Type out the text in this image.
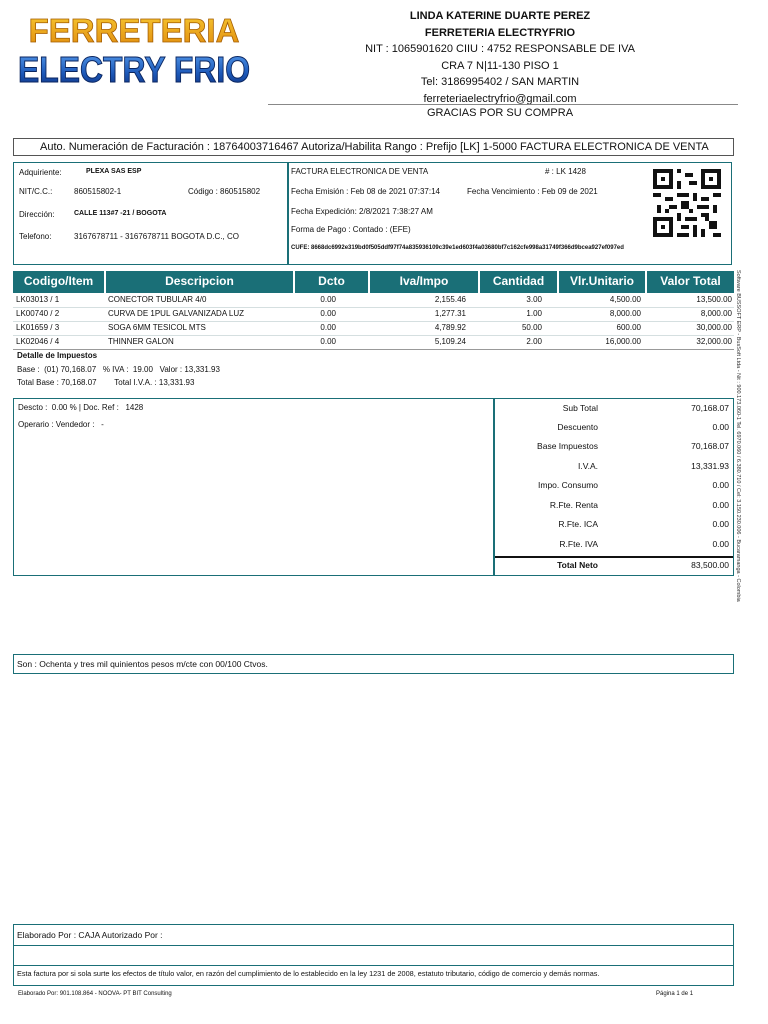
FERRETERIA
ELECTRY FRIO
LINDA KATERINE DUARTE PEREZ
FERRETERIA ELECTRYFRIO
NIT : 1065901620 CIIU : 4752 RESPONSABLE DE IVA
CRA 7 N|11-130 PISO 1
Tel: 3186995402 / SAN MARTIN
ferreteriaelectryfrio@gmail.com
GRACIAS POR SU COMPRA
Auto. Numeración de Facturación : 18764003716467 Autoriza/Habilita Rango : Prefijo [LK] 1-5000 FACTURA ELECTRONICA DE VENTA
Adquiriente:	PLEXA SAS ESP
NIT/C.C.:	860515802-1	Código : 860515802
Dirección:	CALLE 113#7 -21 / BOGOTA
Telefono:	3167678711 - 3167678711 BOGOTA D.C., CO
FACTURA ELECTRONICA DE VENTA	# : LK 1428
Fecha Emisión : Feb 08 de 2021 07:37:14	Fecha Vencimiento : Feb 09 de 2021
Fecha Expedición: 2/8/2021 7:38:27 AM
Forma de Pago : Contado : (EFE)
CUFE: 8668dc6992e319bd0f505ddf97f74a835936109c39e1ed603f4a03680bf7c162cfe998a31749f366d9bcea927ef097ed
Codigo/Item	Descripcion	Dcto	Iva/Impo	Cantidad	Vlr.Unitario	Valor Total
LK03013 / 1	CONECTOR TUBULAR 4/0	0.00	2,155.46	3.00	4,500.00	13,500.00
LK00740 / 2	CURVA DE 1PUL GALVANIZADA LUZ	0.00	1,277.31	1.00	8,000.00	8,000.00
LK01659 / 3	SOGA 6MM TESICOL MTS	0.00	4,789.92	50.00	600.00	30,000.00
LK02046 / 4	THINNER GALON	0.00	5,109.24	2.00	16,000.00	32,000.00
Detalle de Impuestos
Base :  (01) 70,168.07   % IVA :  19.00   Valor : 13,331.93
Total Base : 70,168.07        Total I.V.A. : 13,331.93
Descto :  0.00 % | Doc. Ref :   1428
Operario : Vendedor :   -
Sub Total	70,168.07
Descuento	0.00
Base Impuestos	70,168.07
I.V.A.	13,331.93
Impo. Consumo	0.00
R.Fte. Renta	0.00
R.Fte. ICA	0.00
R.Fte. IVA	0.00
Total Neto	83,500.00
Son : Ochenta y tres mil quinientos pesos m/cte con 00/100 Ctvos.
Software BUSSOFT ERP - BusSoft Ltda - Nit : 900.173.060-1 Tel. 6970.060 / 6.380.710 / Cel: 3.150.230.006 - Bucaramanga - Colombia
Elaborado Por : CAJA Autorizado Por :
Esta factura por si sola surte los efectos de título valor, en razón del cumplimiento de lo establecido en la ley 1231 de 2008, estatuto tributario, código de comercio y demás normas.
Elaborado Por: 901.108.864 - NOOVA- PT BIT Consulting	Página 1 de 1
